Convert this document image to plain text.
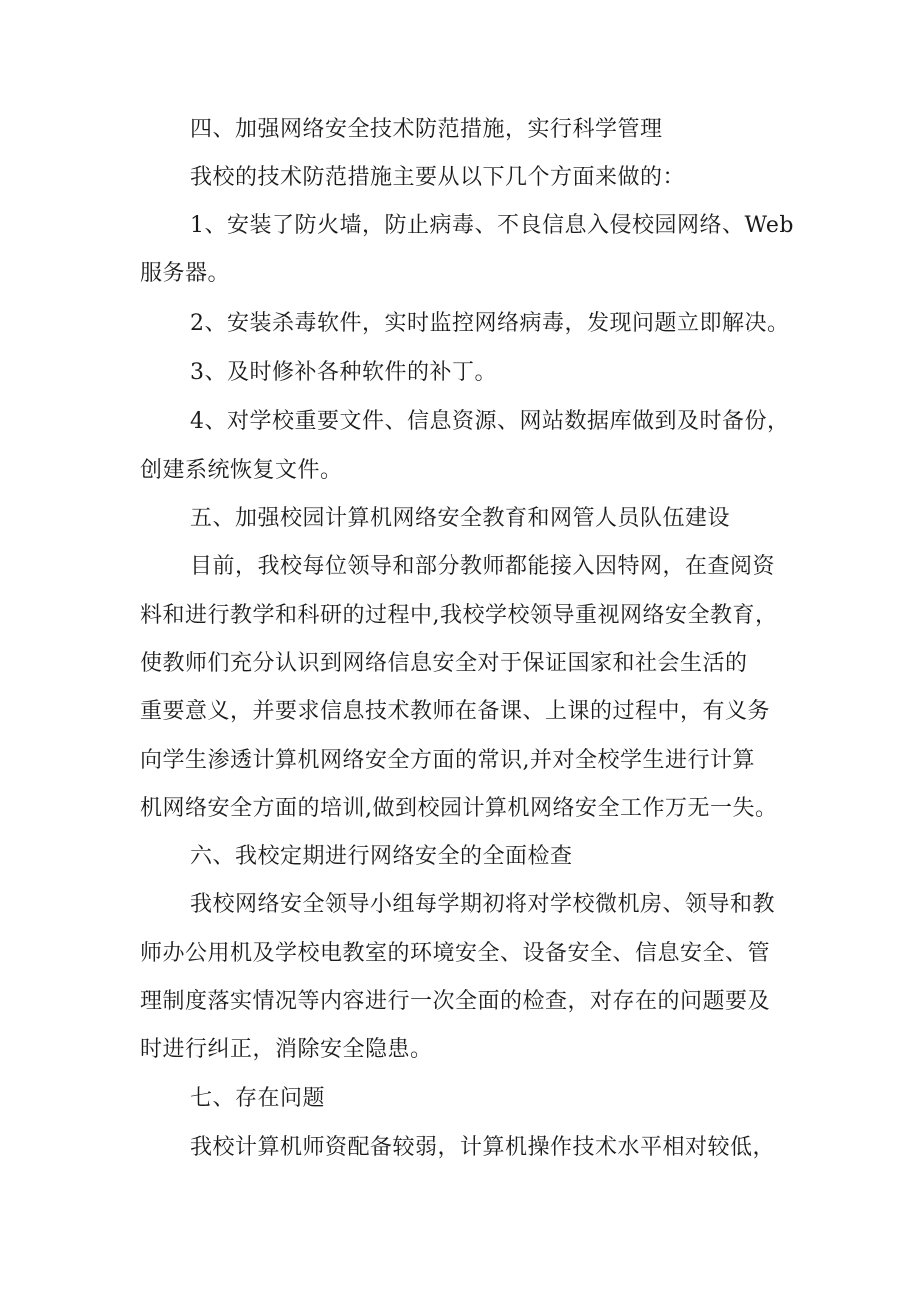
四、加强网络安全技术防范措施，实行科学管理
我校的技术防范措施主要从以下几个方面来做的：
1、安装了防火墙，防止病毒、不良信息入侵校园网络、Web
服务器。
2、安装杀毒软件，实时监控网络病毒，发现问题立即解决。
3、及时修补各种软件的补丁。
4、对学校重要文件、信息资源、网站数据库做到及时备份，
创建系统恢复文件。
五、加强校园计算机网络安全教育和网管人员队伍建设
目前，我校每位领导和部分教师都能接入因特网，在查阅资
料和进行教学和科研的过程中,我校学校领导重视网络安全教育，
使教师们充分认识到网络信息安全对于保证国家和社会生活的
重要意义，并要求信息技术教师在备课、上课的过程中，有义务
向学生渗透计算机网络安全方面的常识,并对全校学生进行计算
机网络安全方面的培训,做到校园计算机网络安全工作万无一失。
六、我校定期进行网络安全的全面检查
我校网络安全领导小组每学期初将对学校微机房、领导和教
师办公用机及学校电教室的环境安全、设备安全、信息安全、管
理制度落实情况等内容进行一次全面的检查，对存在的问题要及
时进行纠正，消除安全隐患。
七、存在问题
我校计算机师资配备较弱，计算机操作技术水平相对较低，
